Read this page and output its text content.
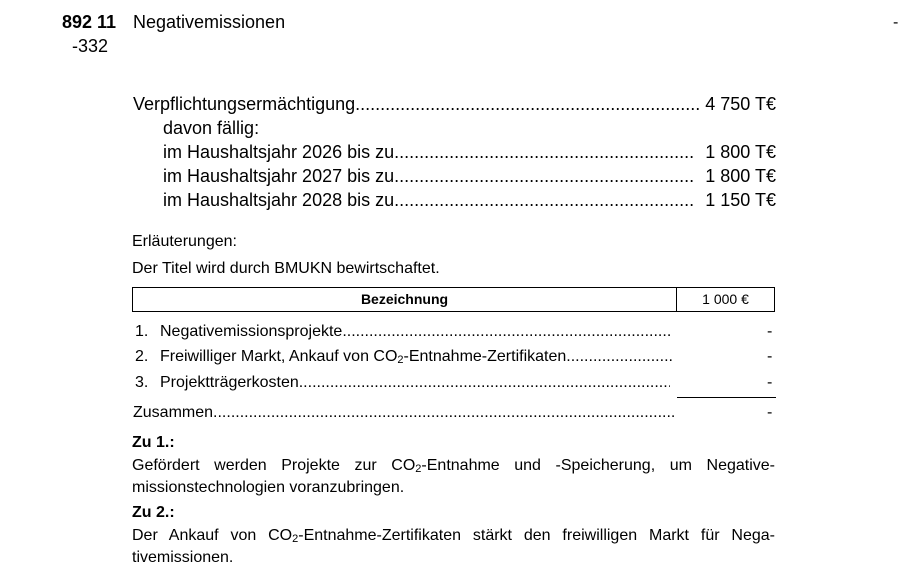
892 11
-332
Negativemissionen	-
Verpflichtungsermächtigung .....	4 750 T€
davon fällig:
im Haushaltsjahr 2026 bis zu .....	1 800 T€
im Haushaltsjahr 2027 bis zu .....	1 800 T€
im Haushaltsjahr 2028 bis zu .....	1 150 T€
Erläuterungen:
Der Titel wird durch BMUKN bewirtschaftet.
Bezeichnung	1 000 €
1. Negativemissionsprojekte .....	-
2. Freiwilliger Markt, Ankauf von $CO_2-Entnahme$-Zertifikaten .....	-
3. Projektträgerkosten .....	-
Zusammen .....	-
Zu 1.:
Gefördert werden Projekte zur $CO_2$-Entnahme und -Speicherung, um Negative-missionstechnologien voranzubringen.
Zu 2.:
Der Ankauf von $CO_2-Entnahme$-Zertifikaten stärkt den freiwilligen Markt für Nega-tivemissionen.
